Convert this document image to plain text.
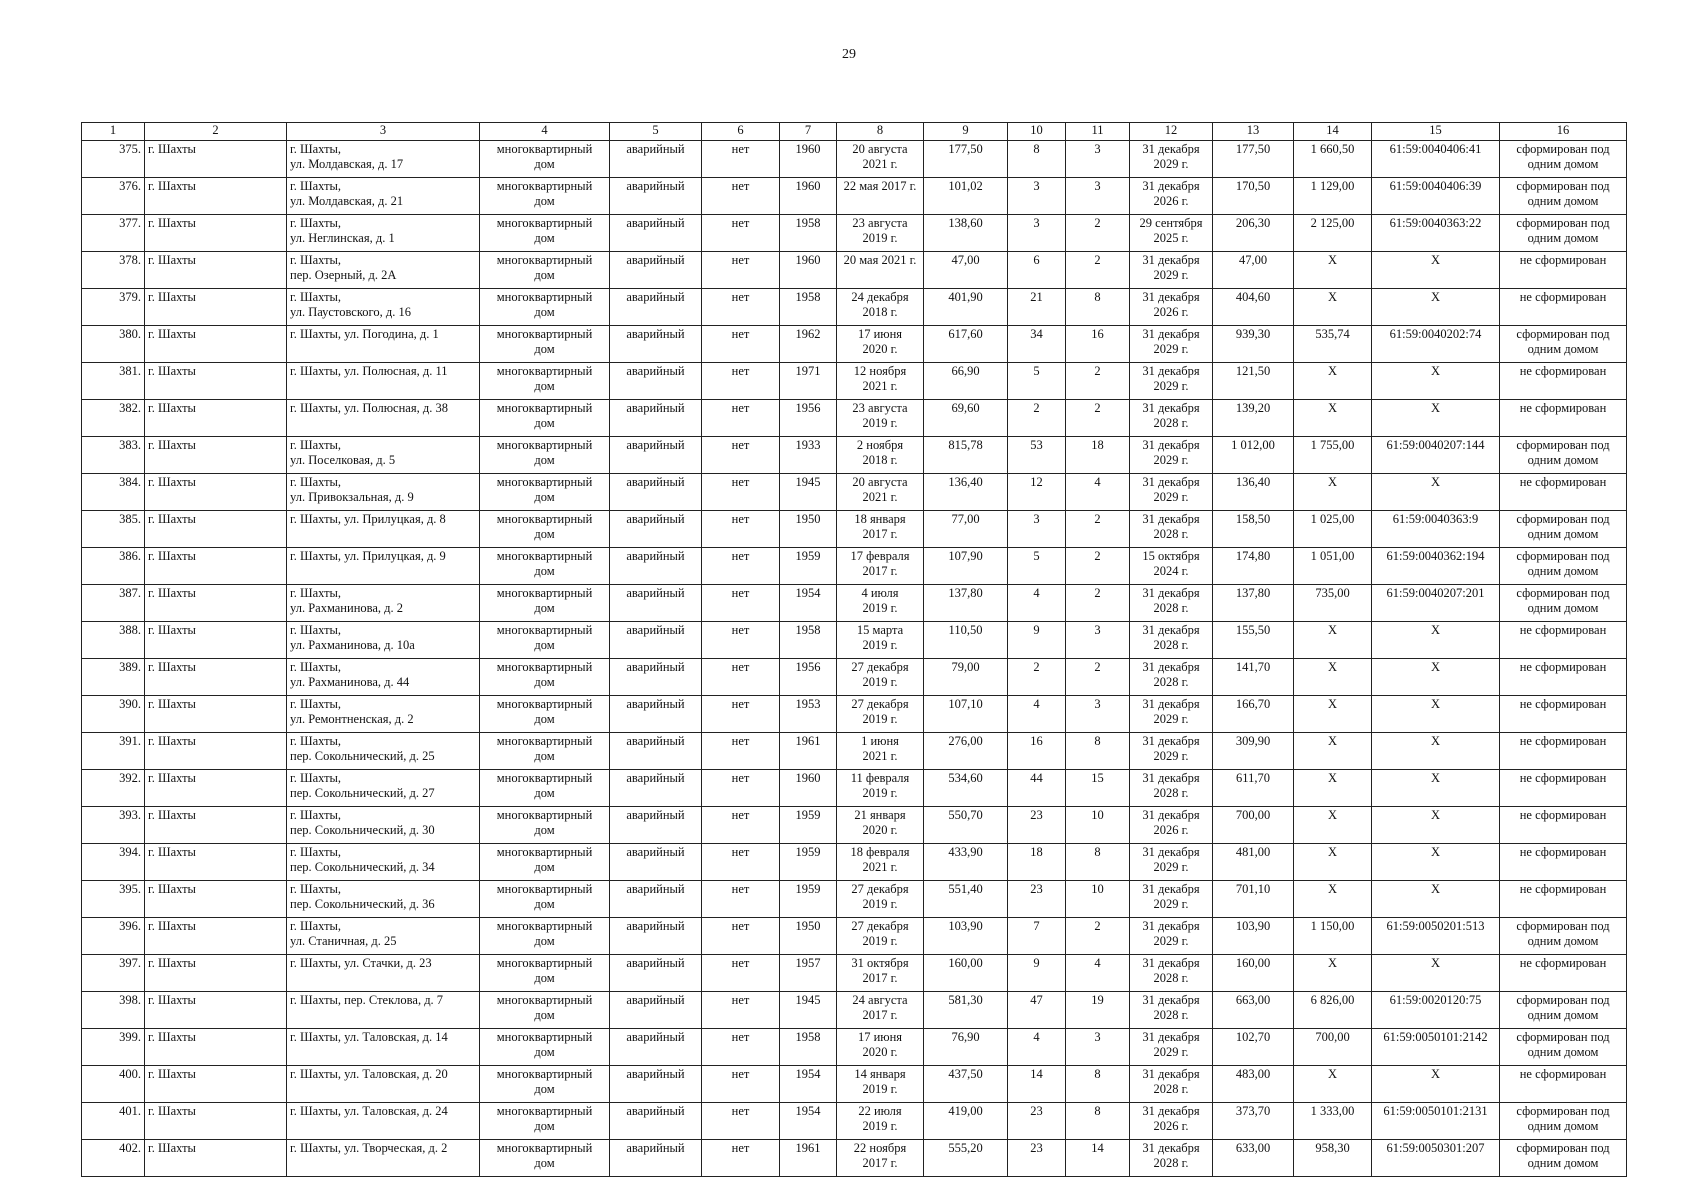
29
1	2	3	4	5	6	7	8	9	10	11	12	13	14	15	16

375.	г. Шахты	г. Шахты,
ул. Молдавская, д. 17	многоквартирный
дом	аварийный	нет	1960	20 августа
2021 г.	177,50	8	3	31 декабря
2029 г.	177,50	1 660,50	61:59:0040406:41	сформирован под
одним домом

376.	г. Шахты	г. Шахты,
ул. Молдавская, д. 21	многоквартирный
дом	аварийный	нет	1960	22 мая 2017 г.	101,02	3	3	31 декабря
2026 г.	170,50	1 129,00	61:59:0040406:39	сформирован под
одним домом

377.	г. Шахты	г. Шахты,
ул. Неглинская, д. 1	многоквартирный
дом	аварийный	нет	1958	23 августа
2019 г.	138,60	3	2	29 сентября
2025 г.	206,30	2 125,00	61:59:0040363:22	сформирован под
одним домом

378.	г. Шахты	г. Шахты,
пер. Озерный, д. 2А	многоквартирный
дом	аварийный	нет	1960	20 мая 2021 г.	47,00	6	2	31 декабря
2029 г.	47,00	Х	Х	не сформирован

379.	г. Шахты	г. Шахты,
ул. Паустовского, д. 16	многоквартирный
дом	аварийный	нет	1958	24 декабря
2018 г.	401,90	21	8	31 декабря
2026 г.	404,60	Х	Х	не сформирован

380.	г. Шахты	г. Шахты, ул. Погодина, д. 1	многоквартирный
дом	аварийный	нет	1962	17 июня
2020 г.	617,60	34	16	31 декабря
2029 г.	939,30	535,74	61:59:0040202:74	сформирован под
одним домом

381.	г. Шахты	г. Шахты, ул. Полюсная, д. 11	многоквартирный
дом	аварийный	нет	1971	12 ноября
2021 г.	66,90	5	2	31 декабря
2029 г.	121,50	Х	Х	не сформирован

382.	г. Шахты	г. Шахты, ул. Полюсная, д. 38	многоквартирный
дом	аварийный	нет	1956	23 августа
2019 г.	69,60	2	2	31 декабря
2028 г.	139,20	Х	Х	не сформирован

383.	г. Шахты	г. Шахты,
ул. Поселковая, д. 5	многоквартирный
дом	аварийный	нет	1933	2 ноября
2018 г.	815,78	53	18	31 декабря
2029 г.	1 012,00	1 755,00	61:59:0040207:144	сформирован под
одним домом

384.	г. Шахты	г. Шахты,
ул. Привокзальная, д. 9	многоквартирный
дом	аварийный	нет	1945	20 августа
2021 г.	136,40	12	4	31 декабря
2029 г.	136,40	Х	Х	не сформирован

385.	г. Шахты	г. Шахты, ул. Прилуцкая, д. 8	многоквартирный
дом	аварийный	нет	1950	18 января
2017 г.	77,00	3	2	31 декабря
2028 г.	158,50	1 025,00	61:59:0040363:9	сформирован под
одним домом

386.	г. Шахты	г. Шахты, ул. Прилуцкая, д. 9	многоквартирный
дом	аварийный	нет	1959	17 февраля
2017 г.	107,90	5	2	15 октября
2024 г.	174,80	1 051,00	61:59:0040362:194	сформирован под
одним домом

387.	г. Шахты	г. Шахты,
ул. Рахманинова, д. 2	многоквартирный
дом	аварийный	нет	1954	4 июля
2019 г.	137,80	4	2	31 декабря
2028 г.	137,80	735,00	61:59:0040207:201	сформирован под
одним домом

388.	г. Шахты	г. Шахты,
ул. Рахманинова, д. 10а	многоквартирный
дом	аварийный	нет	1958	15 марта
2019 г.	110,50	9	3	31 декабря
2028 г.	155,50	Х	Х	не сформирован

389.	г. Шахты	г. Шахты,
ул. Рахманинова, д. 44	многоквартирный
дом	аварийный	нет	1956	27 декабря
2019 г.	79,00	2	2	31 декабря
2028 г.	141,70	Х	Х	не сформирован

390.	г. Шахты	г. Шахты,
ул. Ремонтненская, д. 2	многоквартирный
дом	аварийный	нет	1953	27 декабря
2019 г.	107,10	4	3	31 декабря
2029 г.	166,70	Х	Х	не сформирован

391.	г. Шахты	г. Шахты,
пер. Сокольнический, д. 25	многоквартирный
дом	аварийный	нет	1961	1 июня
2021 г.	276,00	16	8	31 декабря
2029 г.	309,90	Х	Х	не сформирован

392.	г. Шахты	г. Шахты,
пер. Сокольнический, д. 27	многоквартирный
дом	аварийный	нет	1960	11 февраля
2019 г.	534,60	44	15	31 декабря
2028 г.	611,70	Х	Х	не сформирован

393.	г. Шахты	г. Шахты,
пер. Сокольнический, д. 30	многоквартирный
дом	аварийный	нет	1959	21 января
2020 г.	550,70	23	10	31 декабря
2026 г.	700,00	Х	Х	не сформирован

394.	г. Шахты	г. Шахты,
пер. Сокольнический, д. 34	многоквартирный
дом	аварийный	нет	1959	18 февраля
2021 г.	433,90	18	8	31 декабря
2029 г.	481,00	Х	Х	не сформирован

395.	г. Шахты	г. Шахты,
пер. Сокольнический, д. 36	многоквартирный
дом	аварийный	нет	1959	27 декабря
2019 г.	551,40	23	10	31 декабря
2029 г.	701,10	Х	Х	не сформирован

396.	г. Шахты	г. Шахты,
ул. Станичная, д. 25	многоквартирный
дом	аварийный	нет	1950	27 декабря
2019 г.	103,90	7	2	31 декабря
2029 г.	103,90	1 150,00	61:59:0050201:513	сформирован под
одним домом

397.	г. Шахты	г. Шахты, ул. Стачки, д. 23	многоквартирный
дом	аварийный	нет	1957	31 октября
2017 г.	160,00	9	4	31 декабря
2028 г.	160,00	Х	Х	не сформирован

398.	г. Шахты	г. Шахты, пер. Стеклова, д. 7	многоквартирный
дом	аварийный	нет	1945	24 августа
2017 г.	581,30	47	19	31 декабря
2028 г.	663,00	6 826,00	61:59:0020120:75	сформирован под
одним домом

399.	г. Шахты	г. Шахты, ул. Таловская, д. 14	многоквартирный
дом	аварийный	нет	1958	17 июня
2020 г.	76,90	4	3	31 декабря
2029 г.	102,70	700,00	61:59:0050101:2142	сформирован под
одним домом

400.	г. Шахты	г. Шахты, ул. Таловская, д. 20	многоквартирный
дом	аварийный	нет	1954	14 января
2019 г.	437,50	14	8	31 декабря
2028 г.	483,00	Х	Х	не сформирован

401.	г. Шахты	г. Шахты, ул. Таловская, д. 24	многоквартирный
дом	аварийный	нет	1954	22 июля
2019 г.	419,00	23	8	31 декабря
2026 г.	373,70	1 333,00	61:59:0050101:2131	сформирован под
одним домом

402.	г. Шахты	г. Шахты, ул. Творческая, д. 2	многоквартирный
дом	аварийный	нет	1961	22 ноября
2017 г.	555,20	23	14	31 декабря
2028 г.	633,00	958,30	61:59:0050301:207	сформирован под
одним домом
